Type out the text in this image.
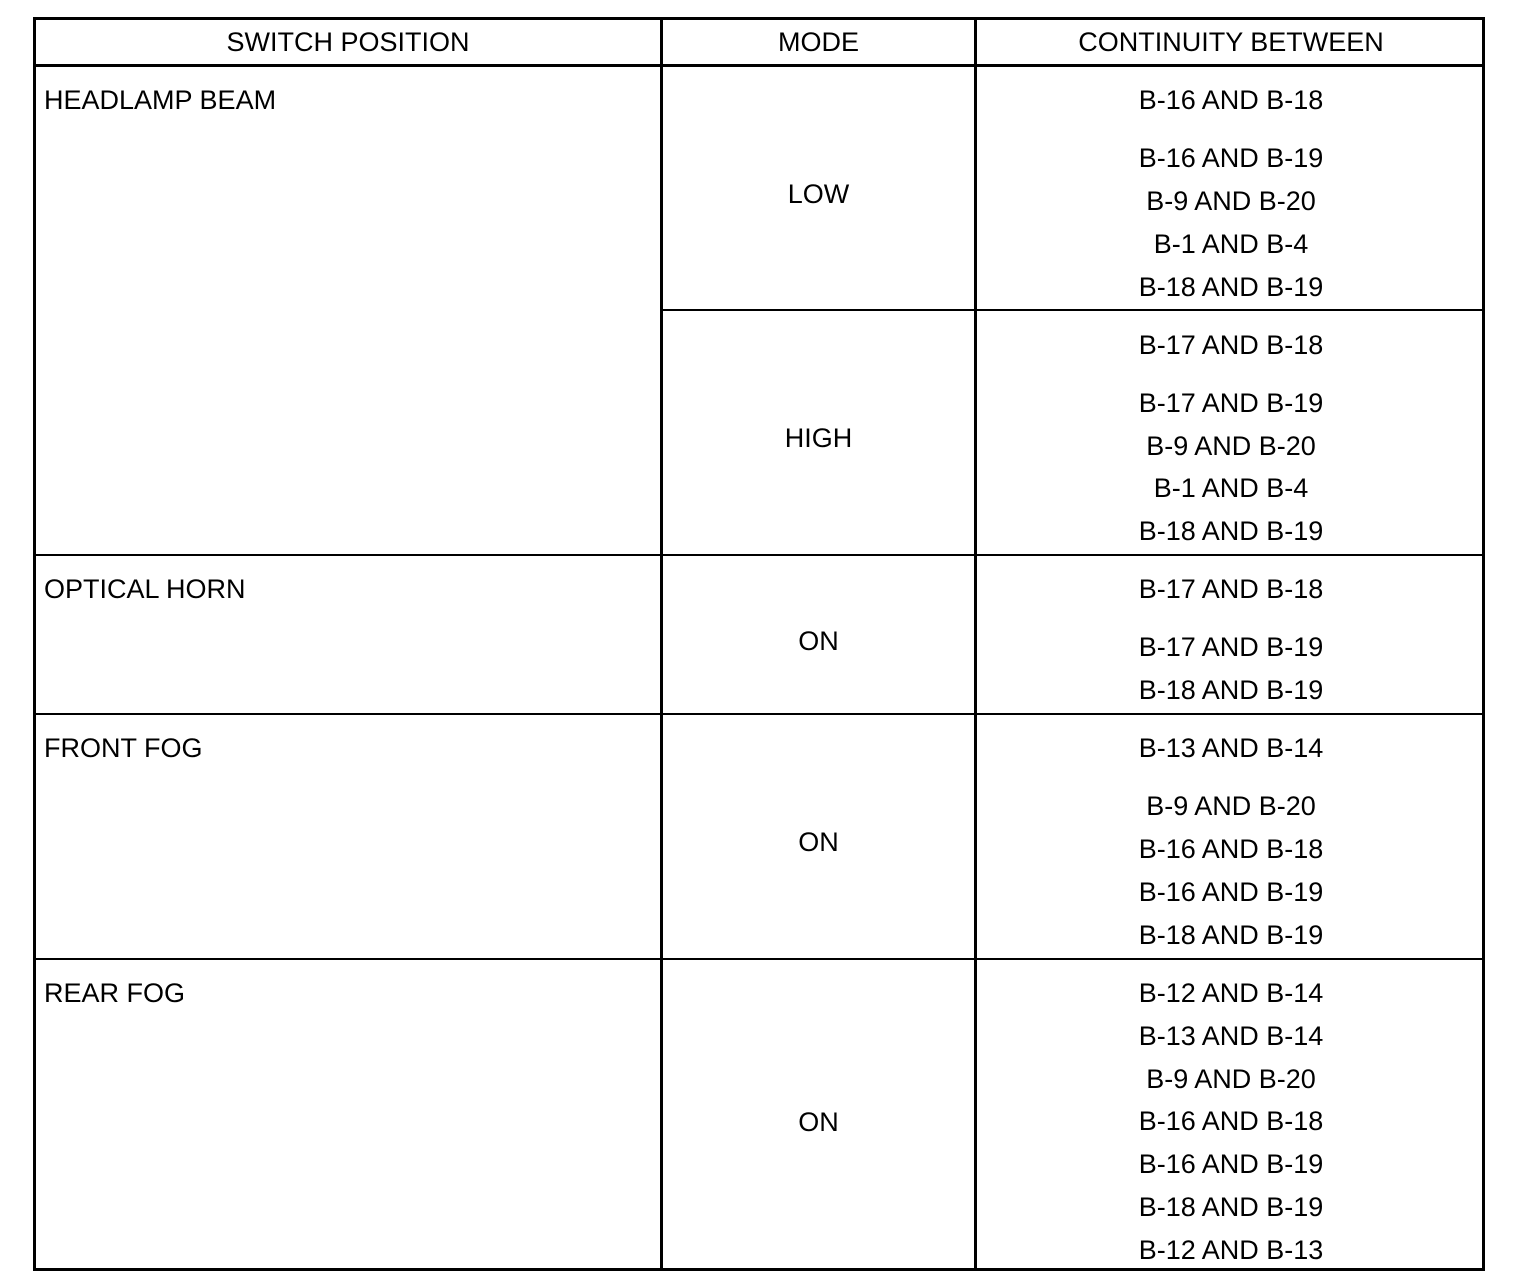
SWITCH POSITION	MODE	CONTINUITY BETWEEN
HEADLAMP BEAM
LOW
B-16 AND B-18
B-16 AND B-19
B-9 AND B-20
B-1 AND B-4
B-18 AND B-19
HIGH
B-17 AND B-18
B-17 AND B-19
B-9 AND B-20
B-1 AND B-4
B-18 AND B-19
OPTICAL HORN
ON
B-17 AND B-18
B-17 AND B-19
B-18 AND B-19
FRONT FOG
ON
B-13 AND B-14
B-9 AND B-20
B-16 AND B-18
B-16 AND B-19
B-18 AND B-19
REAR FOG
ON
B-12 AND B-14
B-13 AND B-14
B-9 AND B-20
B-16 AND B-18
B-16 AND B-19
B-18 AND B-19
B-12 AND B-13
